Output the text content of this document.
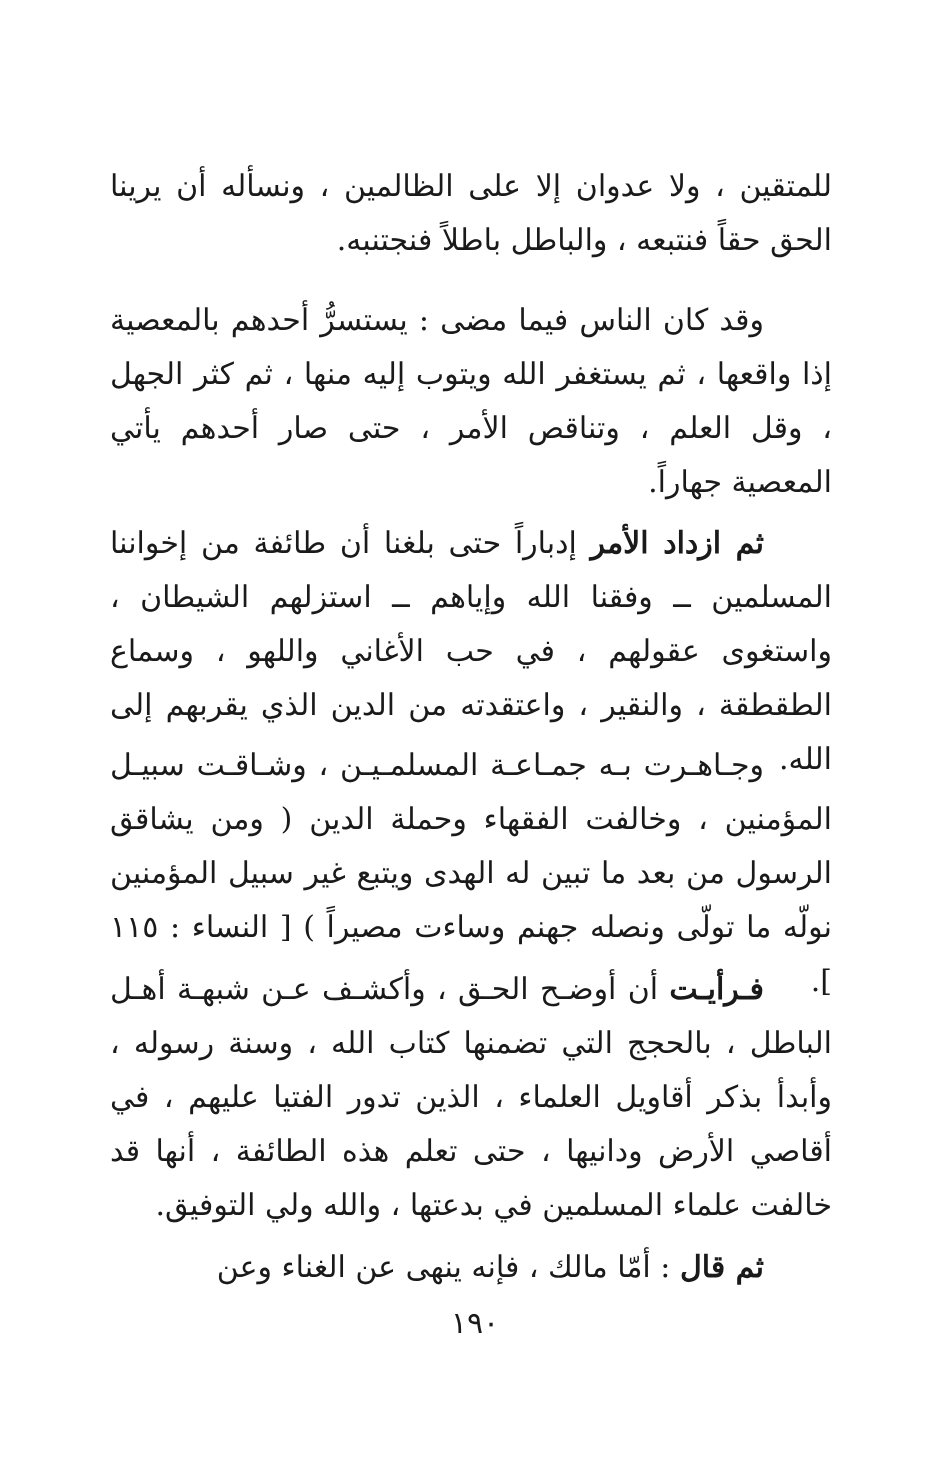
للمتقين ، ولا عدوان إلا على الظالمين ، ونسأله أن يرينا الحق حقاً فنتبعه ، والباطل باطلاً فنجتنبه.
وقد كان الناس فيما مضى : يستسرُّ أحدهم بالمعصية إذا واقعها ، ثم يستغفر الله ويتوب إليه منها ، ثم كثر الجهل ، وقل العلم ، وتناقص الأمر ، حتى صار أحدهم يأتي المعصية جهاراً.
ثم ازداد الأمر إدباراً حتى بلغنا أن طائفة من إخواننا المسلمين ــ وفقنا الله وإياهم ــ استزلهم الشيطان ، واستغوى عقولهم ، في حب الأغاني واللهو ، وسماع الطقطقة ، والنقير ، واعتقدته من الدين الذي يقربهم إلى الله.
وجـاهـرت بـه جمـاعـة المسلمـيـن ، وشـاقـت سبيـل المؤمنين ، وخالفت الفقهاء وحملة الدين ( ومن يشاقق الرسول من بعد ما تبين له الهدى ويتبع غير سبيل المؤمنين نولّه ما تولّى ونصله جهنم وساءت مصيراً ) [ النساء : ١١٥ ].
فـرأيـت أن أوضـح الحـق ، وأكشـف عـن شبهـة أهـل الباطل ، بالحجج التي تضمنها كتاب الله ، وسنة رسوله ، وأبدأ بذكر أقاويل العلماء ، الذين تدور الفتيا عليهم ، في أقاصي الأرض ودانيها ، حتى تعلم هذه الطائفة ، أنها قد خالفت علماء المسلمين في بدعتها ، والله ولي التوفيق.
ثم قال : أمّا مالك ، فإنه ينهى عن الغناء وعن
١٩٠
